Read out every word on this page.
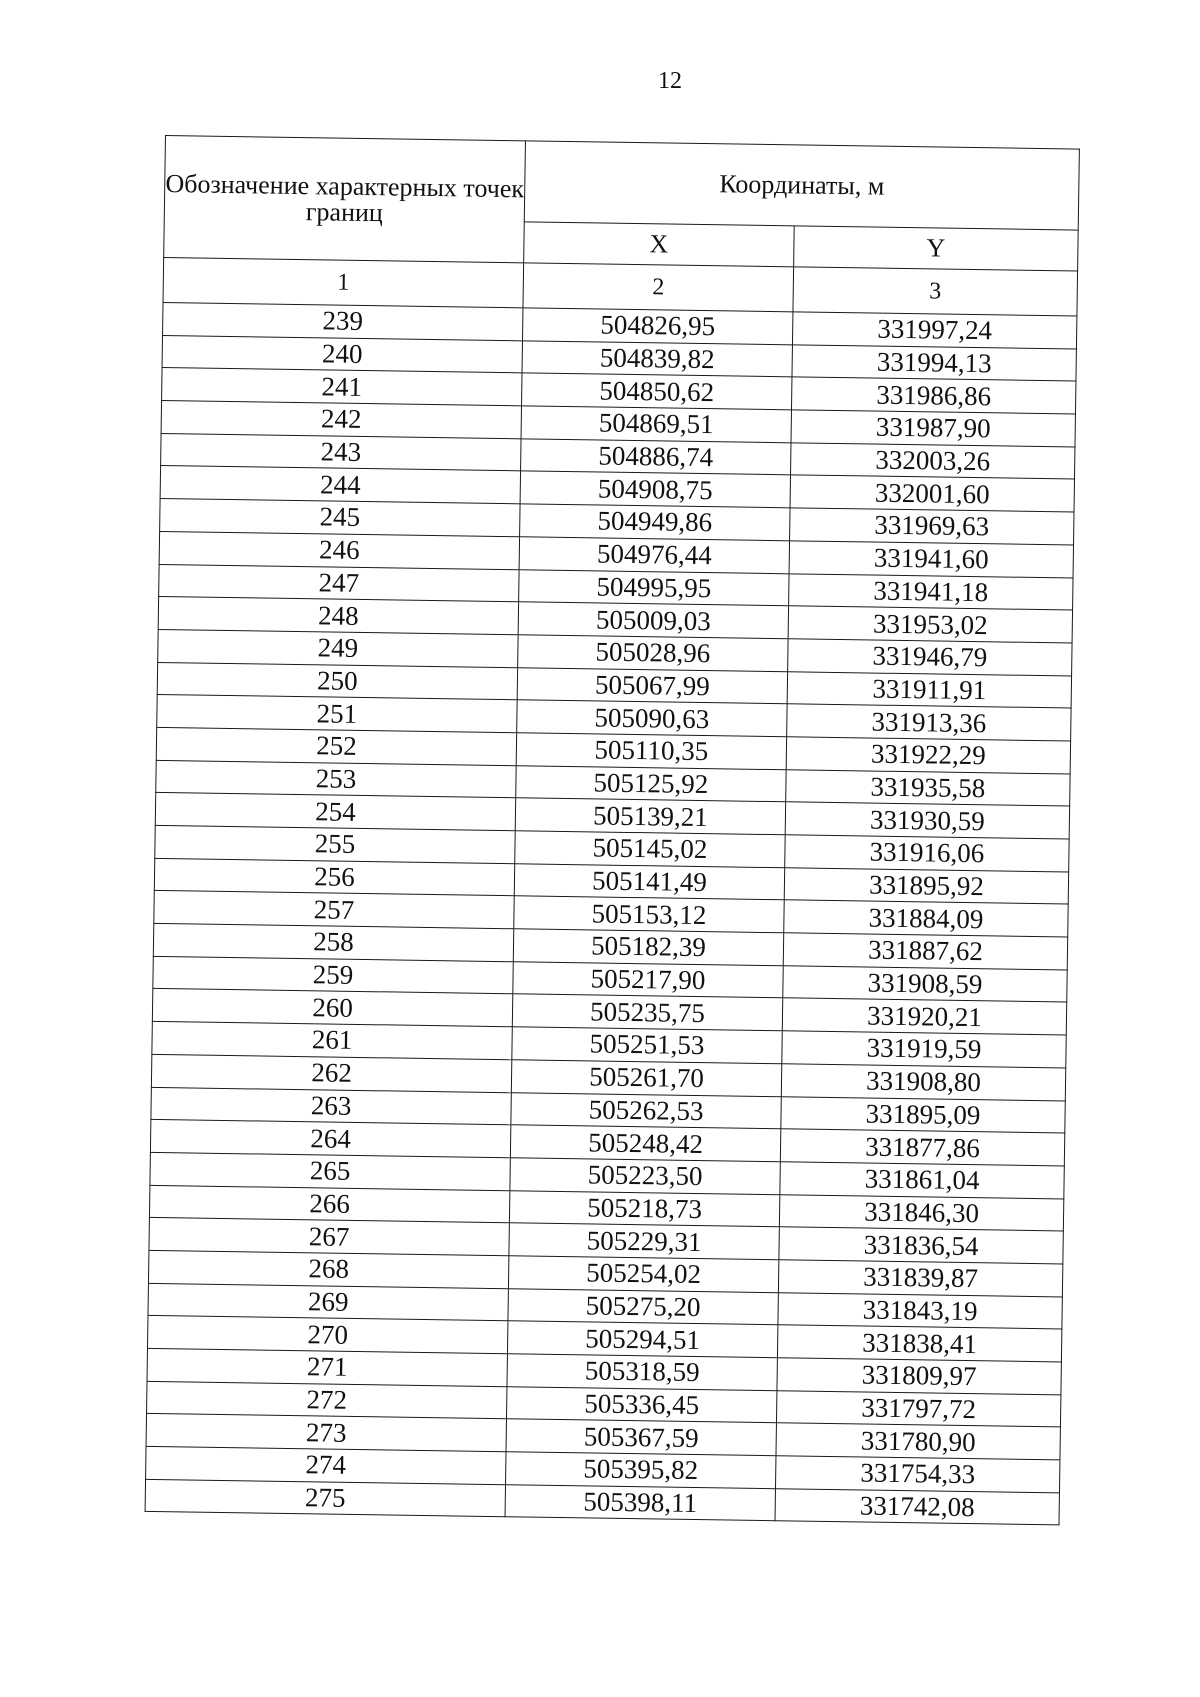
12
Обозначение характерных точек границ	Координаты, м	
	X	Y
1	2	3
239	504826,95	331997,24
240	504839,82	331994,13
241	504850,62	331986,86
242	504869,51	331987,90
243	504886,74	332003,26
244	504908,75	332001,60
245	504949,86	331969,63
246	504976,44	331941,60
247	504995,95	331941,18
248	505009,03	331953,02
249	505028,96	331946,79
250	505067,99	331911,91
251	505090,63	331913,36
252	505110,35	331922,29
253	505125,92	331935,58
254	505139,21	331930,59
255	505145,02	331916,06
256	505141,49	331895,92
257	505153,12	331884,09
258	505182,39	331887,62
259	505217,90	331908,59
260	505235,75	331920,21
261	505251,53	331919,59
262	505261,70	331908,80
263	505262,53	331895,09
264	505248,42	331877,86
265	505223,50	331861,04
266	505218,73	331846,30
267	505229,31	331836,54
268	505254,02	331839,87
269	505275,20	331843,19
270	505294,51	331838,41
271	505318,59	331809,97
272	505336,45	331797,72
273	505367,59	331780,90
274	505395,82	331754,33
275	505398,11	331742,08
